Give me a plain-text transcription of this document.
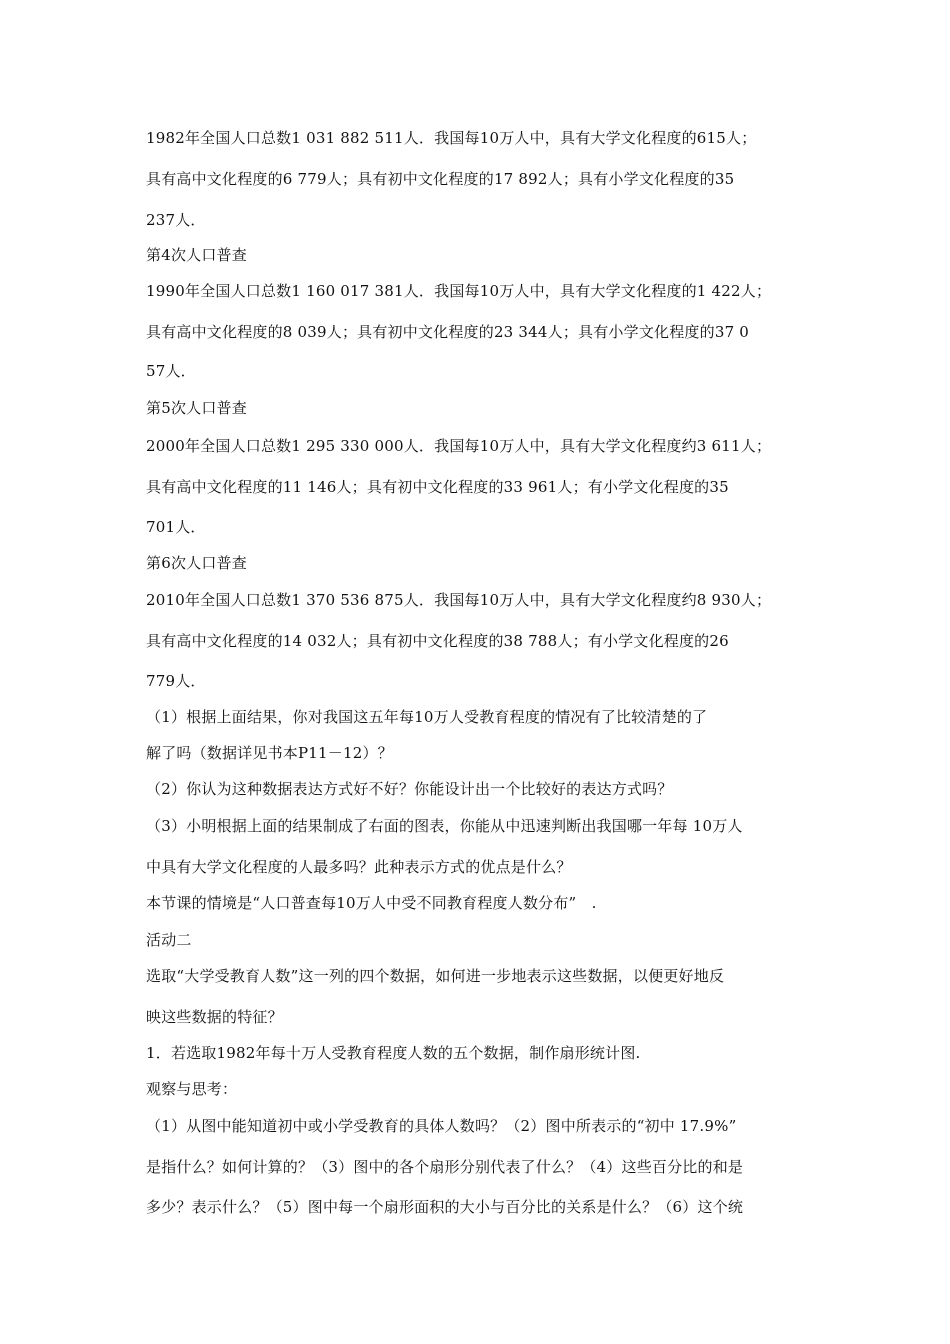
1982年全国人口总数1 031 882 511人．我国每10万人中，具有大学文化程度的615人；
具有高中文化程度的6 779人；具有初中文化程度的17 892人；具有小学文化程度的35
237人．
第4次人口普查
1990年全国人口总数1 160 017 381人．我国每10万人中，具有大学文化程度的1 422人；
具有高中文化程度的8 039人；具有初中文化程度的23 344人；具有小学文化程度的37 0
57人．
第5次人口普查
2000年全国人口总数1 295 330 000人．我国每10万人中，具有大学文化程度约3 611人；
具有高中文化程度的11 146人；具有初中文化程度的33 961人；有小学文化程度的35
701人．
第6次人口普查
2010年全国人口总数1 370 536 875人．我国每10万人中，具有大学文化程度约8 930人；
具有高中文化程度的14 032人；具有初中文化程度的38 788人；有小学文化程度的26
779人．
（1）根据上面结果，你对我国这五年每10万人受教育程度的情况有了比较清楚的了
解了吗（数据详见书本P11－12）？
（2）你认为这种数据表达方式好不好？你能设计出一个比较好的表达方式吗？
（3）小明根据上面的结果制成了右面的图表，你能从中迅速判断出我国哪一年每 10万人
中具有大学文化程度的人最多吗？此种表示方式的优点是什么？
本节课的情境是“人口普查每10万人中受不同教育程度人数分布”　.
活动二
选取“大学受教育人数”这一列的四个数据，如何进一步地表示这些数据，以便更好地反
映这些数据的特征？
1．若选取1982年每十万人受教育程度人数的五个数据，制作扇形统计图.
观察与思考：
（1）从图中能知道初中或小学受教育的具体人数吗？（2）图中所表示的“初中 17.9%”
是指什么？如何计算的？（3）图中的各个扇形分别代表了什么？（4）这些百分比的和是
多少？表示什么？（5）图中每一个扇形面积的大小与百分比的关系是什么？（6）这个统
